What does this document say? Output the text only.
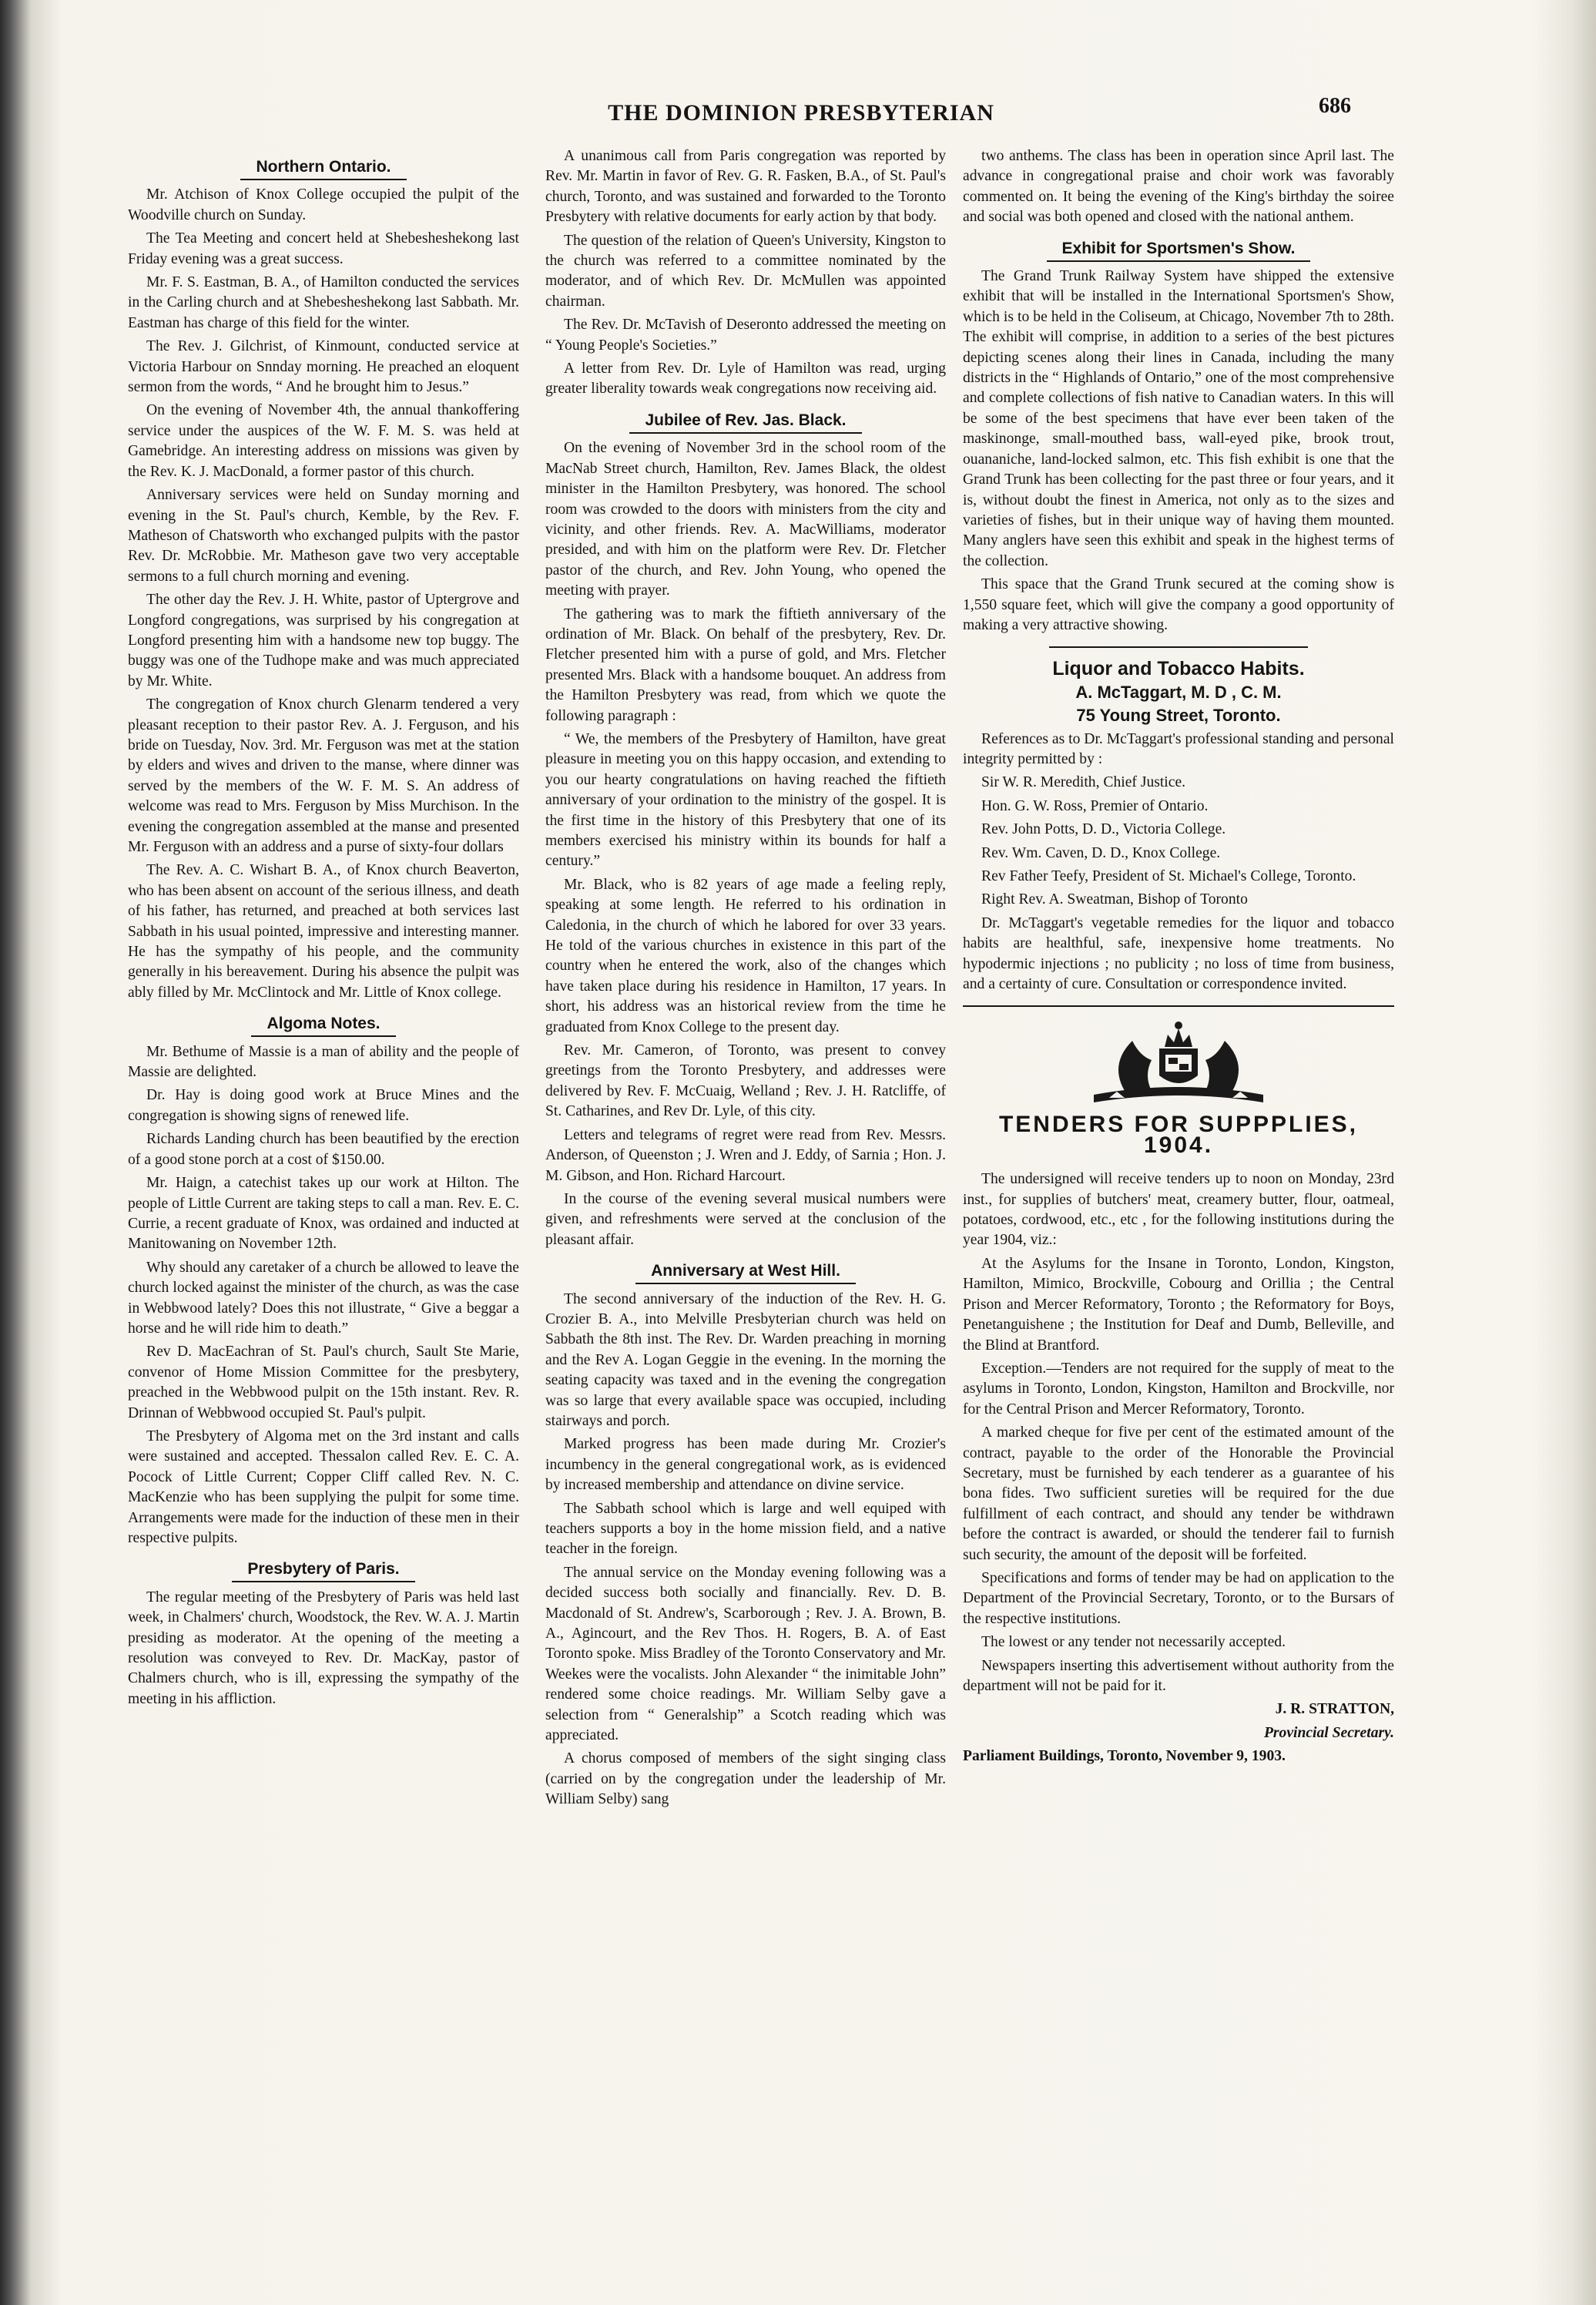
THE DOMINION PRESBYTERIAN	686
Northern Ontario.

Mr. Atchison of Knox College occupied the pulpit of the Woodville church on Sunday.

The Tea Meeting and concert held at Shebesheshekong last Friday evening was a great success.

Mr. F. S. Eastman, B. A., of Hamilton conducted the services in the Carling church and at Shebesheshekong last Sabbath. Mr. Eastman has charge of this field for the winter.

The Rev. J. Gilchrist, of Kinmount, conducted service at Victoria Harbour on Snnday morning. He preached an eloquent sermon from the words, “ And he brought him to Jesus.”

On the evening of November 4th, the annual thankoffering service under the auspices of the W. F. M. S. was held at Gamebridge. An interesting address on missions was given by the Rev. K. J. MacDonald, a former pastor of this church.

Anniversary services were held on Sunday morning and evening in the St. Paul's church, Kemble, by the Rev. F. Matheson of Chatsworth who exchanged pulpits with the pastor Rev. Dr. McRobbie. Mr. Matheson gave two very acceptable sermons to a full church morning and evening.

The other day the Rev. J. H. White, pastor of Uptergrove and Longford congregations, was surprised by his congregation at Longford presenting him with a handsome new top buggy. The buggy was one of the Tudhope make and was much appreciated by Mr. White.

The congregation of Knox church Glenarm tendered a very pleasant reception to their pastor Rev. A. J. Ferguson, and his bride on Tuesday, Nov. 3rd. Mr. Ferguson was met at the station by elders and wives and driven to the manse, where dinner was served by the members of the W. F. M. S. An address of welcome was read to Mrs. Ferguson by Miss Murchison. In the evening the congregation assembled at the manse and presented Mr. Ferguson with an address and a purse of sixty-four dollars

The Rev. A. C. Wishart B. A., of Knox church Beaverton, who has been absent on account of the serious illness, and death of his father, has returned, and preached at both services last Sabbath in his usual pointed, impressive and interesting manner. He has the sympathy of his people, and the community generally in his bereavement. During his absence the pulpit was ably filled by Mr. McClintock and Mr. Little of Knox college.

Algoma Notes.

Mr. Bethume of Massie is a man of ability and the people of Massie are delighted.

Dr. Hay is doing good work at Bruce Mines and the congregation is showing signs of renewed life.

Richards Landing church has been beautified by the erection of a good stone porch at a cost of $150.00.

Mr. Haign, a catechist takes up our work at Hilton. The people of Little Current are taking steps to call a man. Rev. E. C. Currie, a recent graduate of Knox, was ordained and inducted at Manitowaning on November 12th.

Why should any caretaker of a church be allowed to leave the church locked against the minister of the church, as was the case in Webbwood lately? Does this not illustrate, “ Give a beggar a horse and he will ride him to death.”

Rev D. MacEachran of St. Paul's church, Sault Ste Marie, convenor of Home Mission Committee for the presbytery, preached in the Webbwood pulpit on the 15th instant. Rev. R. Drinnan of Webbwood occupied St. Paul's pulpit.

The Presbytery of Algoma met on the 3rd instant and calls were sustained and accepted. Thessalon called Rev. E. C. A. Pocock of Little Current; Copper Cliff called Rev. N. C. MacKenzie who has been supplying the pulpit for some time. Arrangements were made for the induction of these men in their respective pulpits.

Presbytery of Paris.

The regular meeting of the Presbytery of Paris was held last week, in Chalmers' church, Woodstock, the Rev. W. A. J. Martin presiding as moderator. At the opening of the meeting a resolution was conveyed to Rev. Dr. MacKay, pastor of Chalmers church, who is ill, expressing the sympathy of the meeting in his affliction.

A unanimous call from Paris congregation was reported by Rev. Mr. Martin in favor of Rev. G. R. Fasken, B.A., of St. Paul's church, Toronto, and was sustained and forwarded to the Toronto Presbytery with relative documents for early action by that body.

The question of the relation of Queen's University, Kingston to the church was referred to a committee nominated by the moderator, and of which Rev. Dr. McMullen was appointed chairman.

The Rev. Dr. McTavish of Deseronto addressed the meeting on “ Young People's Societies.”

A letter from Rev. Dr. Lyle of Hamilton was read, urging greater liberality towards weak congregations now receiving aid.

Jubilee of Rev. Jas. Black.

On the evening of November 3rd in the school room of the MacNab Street church, Hamilton, Rev. James Black, the oldest minister in the Hamilton Presbytery, was honored. The school room was crowded to the doors with ministers from the city and vicinity, and other friends. Rev. A. MacWilliams, moderator presided, and with him on the platform were Rev. Dr. Fletcher pastor of the church, and Rev. John Young, who opened the meeting with prayer.

The gathering was to mark the fiftieth anniversary of the ordination of Mr. Black. On behalf of the presbytery, Rev. Dr. Fletcher presented him with a purse of gold, and Mrs. Fletcher presented Mrs. Black with a handsome bouquet. An address from the Hamilton Presbytery was read, from which we quote the following paragraph :

“ We, the members of the Presbytery of Hamilton, have great pleasure in meeting you on this happy occasion, and extending to you our hearty congratulations on having reached the fiftieth anniversary of your ordination to the ministry of the gospel. It is the first time in the history of this Presbytery that one of its members exercised his ministry within its bounds for half a century.”

Mr. Black, who is 82 years of age made a feeling reply, speaking at some length. He referred to his ordination in Caledonia, in the church of which he labored for over 33 years. He told of the various churches in existence in this part of the country when he entered the work, also of the changes which have taken place during his residence in Hamilton, 17 years. In short, his address was an historical review from the time he graduated from Knox College to the present day.

Rev. Mr. Cameron, of Toronto, was present to convey greetings from the Toronto Presbytery, and addresses were delivered by Rev. F. McCuaig, Welland ; Rev. J. H. Ratcliffe, of St. Catharines, and Rev Dr. Lyle, of this city.

Letters and telegrams of regret were read from Rev. Messrs. Anderson, of Queenston ; J. Wren and J. Eddy, of Sarnia ; Hon. J. M. Gibson, and Hon. Richard Harcourt.

In the course of the evening several musical numbers were given, and refreshments were served at the conclusion of the pleasant affair.

Anniversary at West Hill.

The second anniversary of the induction of the Rev. H. G. Crozier B. A., into Melville Presbyterian church was held on Sabbath the 8th inst. The Rev. Dr. Warden preaching in morning and the Rev A. Logan Geggie in the evening. In the morning the seating capacity was taxed and in the evening the congregation was so large that every available space was occupied, including stairways and porch.

Marked progress has been made during Mr. Crozier's incumbency in the general congregational work, as is evidenced by increased membership and attendance on divine service.

The Sabbath school which is large and well equiped with teachers supports a boy in the home mission field, and a native teacher in the foreign.

The annual service on the Monday evening following was a decided success both socially and financially. Rev. D. B. Macdonald of St. Andrew's, Scarborough ; Rev. J. A. Brown, B. A., Agincourt, and the Rev Thos. H. Rogers, B. A. of East Toronto spoke. Miss Bradley of the Toronto Conservatory and Mr. Weekes were the vocalists. John Alexander “ the inimitable John” rendered some choice readings. Mr. William Selby gave a selection from “ Generalship” a Scotch reading which was appreciated.

A chorus composed of members of the sight singing class (carried on by the congregation under the leadership of Mr. William Selby) sang

two anthems. The class has been in operation since April last. The advance in congregational praise and choir work was favorably commented on. It being the evening of the King's birthday the soiree and social was both opened and closed with the national anthem.

Exhibit for Sportsmen's Show.

The Grand Trunk Railway System have shipped the extensive exhibit that will be installed in the International Sportsmen's Show, which is to be held in the Coliseum, at Chicago, November 7th to 28th. The exhibit will comprise, in addition to a series of the best pictures depicting scenes along their lines in Canada, including the many districts in the “ Highlands of Ontario,” one of the most comprehensive and complete collections of fish native to Canadian waters. In this will be some of the best specimens that have ever been taken of the maskinonge, small-mouthed bass, wall-eyed pike, brook trout, ouananiche, land-locked salmon, etc. This fish exhibit is one that the Grand Trunk has been collecting for the past three or four years, and it is, without doubt the finest in America, not only as to the sizes and varieties of fishes, but in their unique way of having them mounted. Many anglers have seen this exhibit and speak in the highest terms of the collection.

This space that the Grand Trunk secured at the coming show is 1,550 square feet, which will give the company a good opportunity of making a very attractive showing.

Liquor and Tobacco Habits.
A. McTaggart, M. D , C. M.
75 Young Street, Toronto.

References as to Dr. McTaggart's professional standing and personal integrity permitted by :

Sir W. R. Meredith, Chief Justice.

Hon. G. W. Ross, Premier of Ontario.

Rev. John Potts, D. D., Victoria College.

Rev. Wm. Caven, D. D., Knox College.

Rev Father Teefy, President of St. Michael's College, Toronto.

Right Rev. A. Sweatman, Bishop of Toronto

Dr. McTaggart's vegetable remedies for the liquor and tobacco habits are healthful, safe, inexpensive home treatments. No hypodermic injections ; no publicity ; no loss of time from business, and a certainty of cure. Consultation or correspondence invited.

TENDERS FOR SUPPPLIES, 1904.

The undersigned will receive tenders up to noon on Monday, 23rd inst., for supplies of butchers' meat, creamery butter, flour, oatmeal, potatoes, cordwood, etc., etc , for the following institutions during the year 1904, viz.:

At the Asylums for the Insane in Toronto, London, Kingston, Hamilton, Mimico, Brockville, Cobourg and Orillia ; the Central Prison and Mercer Reformatory, Toronto ; the Reformatory for Boys, Penetanguishene ; the Institution for Deaf and Dumb, Belleville, and the Blind at Brantford.

Exception.—Tenders are not required for the supply of meat to the asylums in Toronto, London, Kingston, Hamilton and Brockville, nor for the Central Prison and Mercer Reformatory, Toronto.

A marked cheque for five per cent of the estimated amount of the contract, payable to the order of the Honorable the Provincial Secretary, must be furnished by each tenderer as a guarantee of his bona fides. Two sufficient sureties will be required for the due fulfillment of each contract, and should any tender be withdrawn before the contract is awarded, or should the tenderer fail to furnish such security, the amount of the deposit will be forfeited.

Specifications and forms of tender may be had on application to the Department of the Provincial Secretary, Toronto, or to the Bursars of the respective institutions.

The lowest or any tender not necessarily accepted.

Newspapers inserting this advertisement without authority from the department will not be paid for it.

J. R. STRATTON,

Provincial Secretary.

Parliament Buildings, Toronto, November 9, 1903.
